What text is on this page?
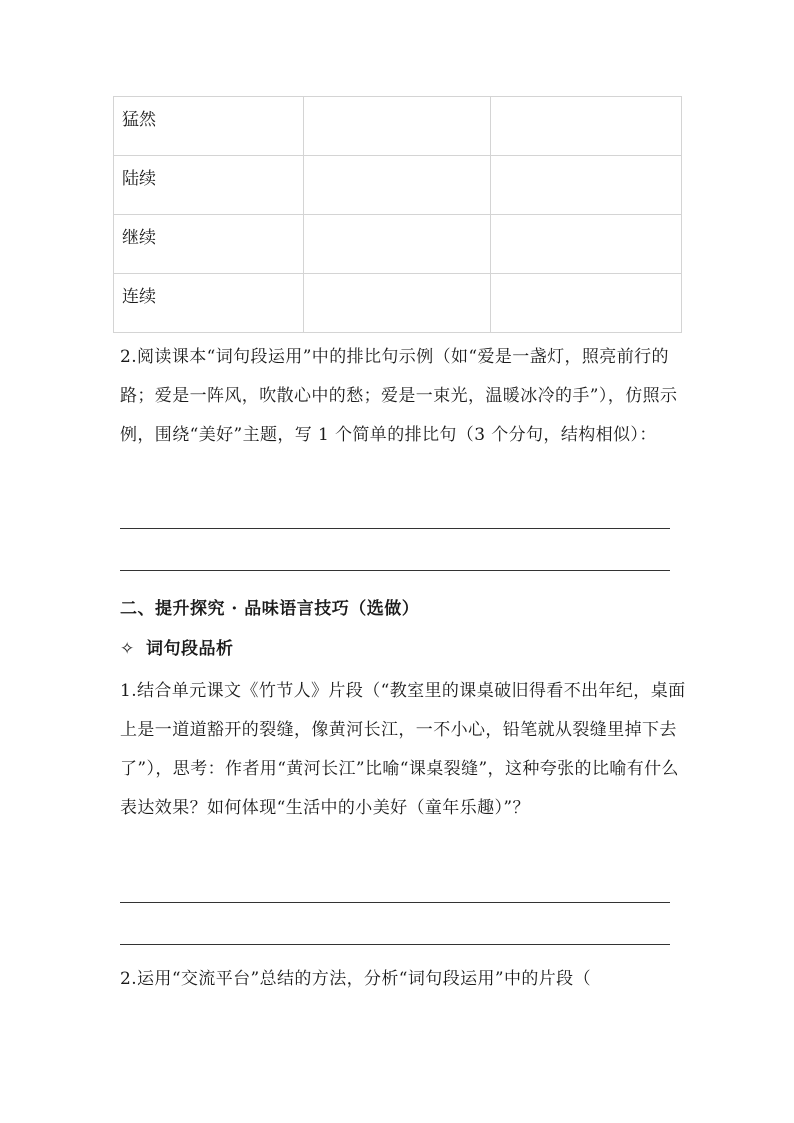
猛然		
陆续		
继续		
连续		
2.阅读课本“词句段运用”中的排比句示例（如“爱是一盏灯，照亮前行的路；爱是一阵风，吹散心中的愁；爱是一束光，温暖冰冷的手”），仿照示例，围绕“美好”主题，写 1 个简单的排比句（3 个分句，结构相似）：
二、提升探究 · 品味语言技巧（选做）
✧ 词句段品析
1.结合单元课文《竹节人》片段（“教室里的课桌破旧得看不出年纪，桌面上是一道道豁开的裂缝，像黄河长江，一不小心，铅笔就从裂缝里掉下去了”），思考：作者用“黄河长江”比喻“课桌裂缝”，这种夸张的比喻有什么表达效果？如何体现“生活中的小美好（童年乐趣）”？
2.运用“交流平台”总结的方法，分析“词句段运用”中的片段（
